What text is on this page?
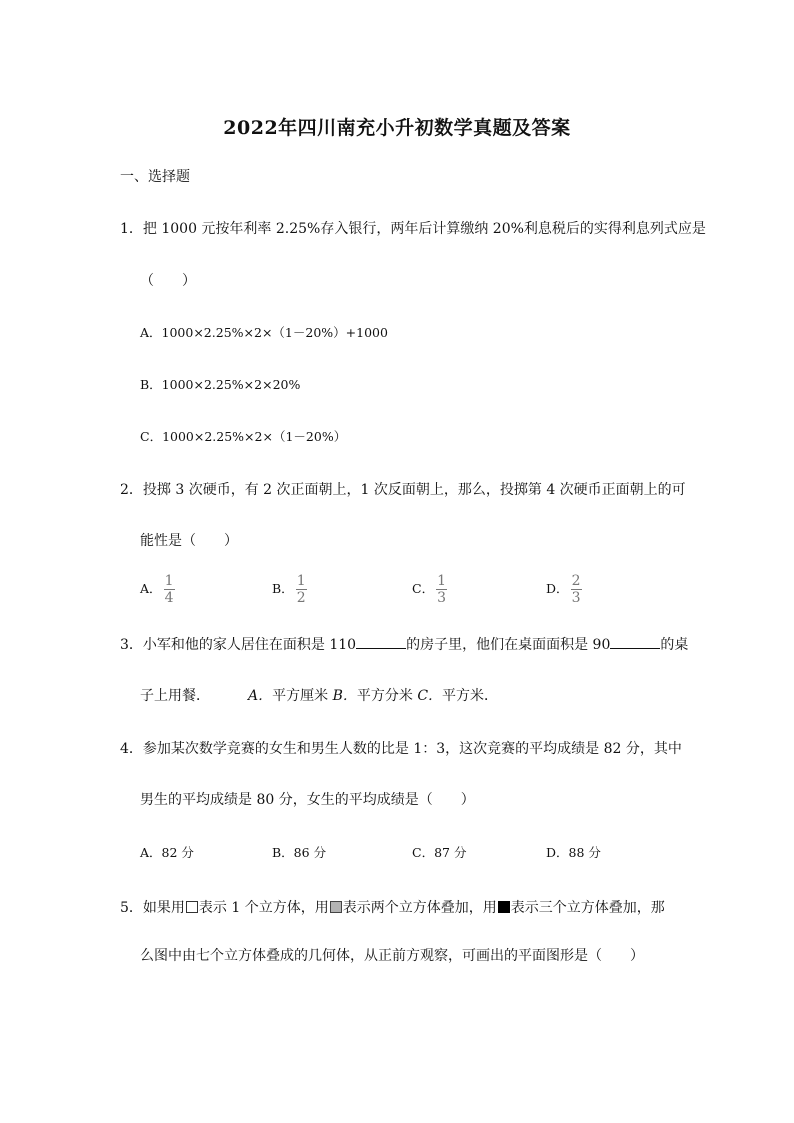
2022年四川南充小升初数学真题及答案
一、选择题
1．把 1000 元按年利率 2.25%存入银行，两年后计算缴纳 20%利息税后的实得利息列式应是
（　　）
A．1000×2.25%×2×（1－20%）+1000
B．1000×2.25%×2×20%
C．1000×2.25%×2×（1－20%）
2．投掷 3 次硬币，有 2 次正面朝上，1 次反面朝上，那么，投掷第 4 次硬币正面朝上的可
能性是（　　）
A． $\frac{1}{4}$	B． $\frac{1}{2}$	C． $\frac{1}{3}$	D． $\frac{2}{3}$
3．小军和他的家人居住在面积是 110	的房子里，他们在桌面面积是 90	的桌
子上用餐．	A．平方厘米 B．平方分米 C．平方米．
4．参加某次数学竞赛的女生和男生人数的比是 1：3，这次竞赛的平均成绩是 82 分，其中
男生的平均成绩是 80 分，女生的平均成绩是（　　）
A．82 分	B．86 分	C．87 分	D．88 分
5．如果用 表示 1 个立方体，用 表示两个立方体叠加，用 表示三个立方体叠加，那
么图中由七个立方体叠成的几何体，从正前方观察，可画出的平面图形是（　　）
